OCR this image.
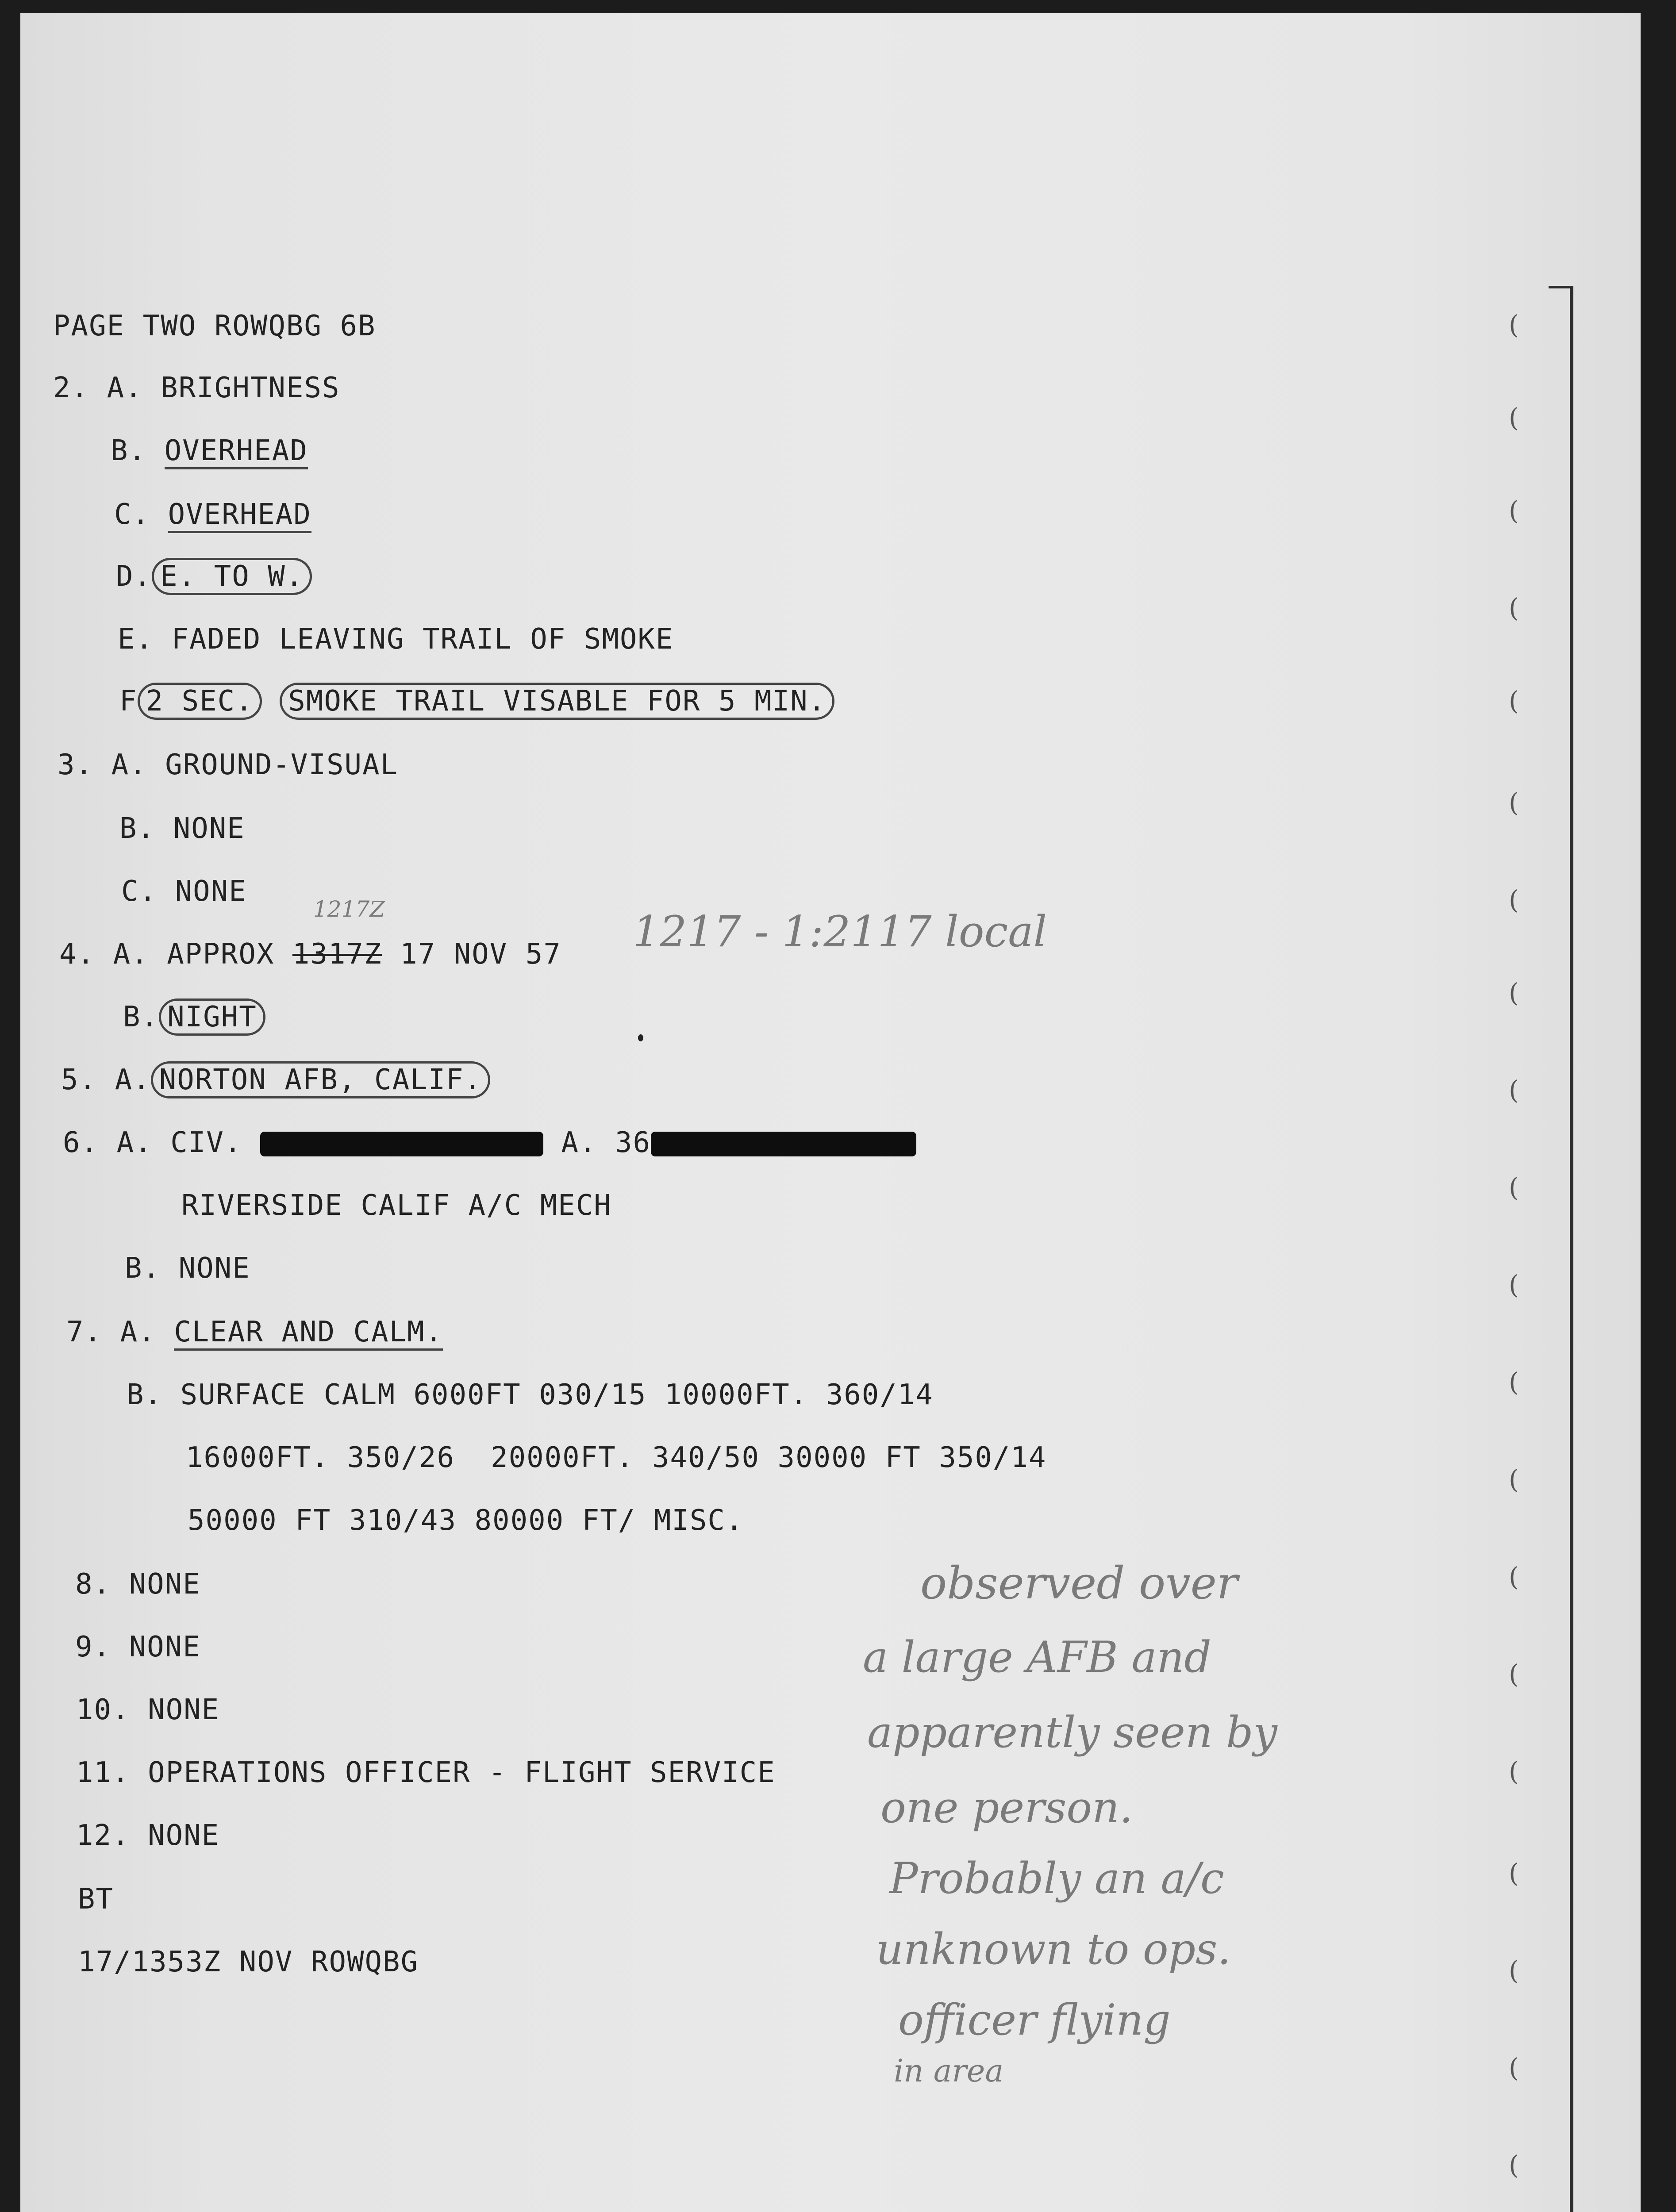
(
(
(
(
(
(
(
(
(
(
(
(
(
(
(
(
(
(
(
(
PAGE TWO ROWQBG 6B
2. A. BRIGHTNESS
B. OVERHEAD
C. OVERHEAD
D. E. TO W.
E. FADED LEAVING TRAIL OF SMOKE
F 2 SEC. SMOKE TRAIL VISABLE FOR 5 MIN.
3. A. GROUND-VISUAL
B. NONE
C. NONE
4. A. APPROX 1317Z 17 NOV 57
1217Z	1217 - 1:2117 local
B. NIGHT
5. A. NORTON AFB, CALIF.
6. A. CIV.	A. 36
RIVERSIDE CALIF A/C MECH
B. NONE
7. A. CLEAR AND CALM.
B. SURFACE CALM 6000FT 030/15 10000FT. 360/14
16000FT. 350/26  20000FT. 340/50 30000 FT 350/14
50000 FT 310/43 80000 FT/ MISC.
8. NONE
9. NONE
10. NONE
11. OPERATIONS OFFICER - FLIGHT SERVICE
12. NONE
BT
17/1353Z NOV ROWQBG
observed over
a large AFB and
apparently seen by
one person.
Probably an a/c
unknown to ops.
officer flying
in area
